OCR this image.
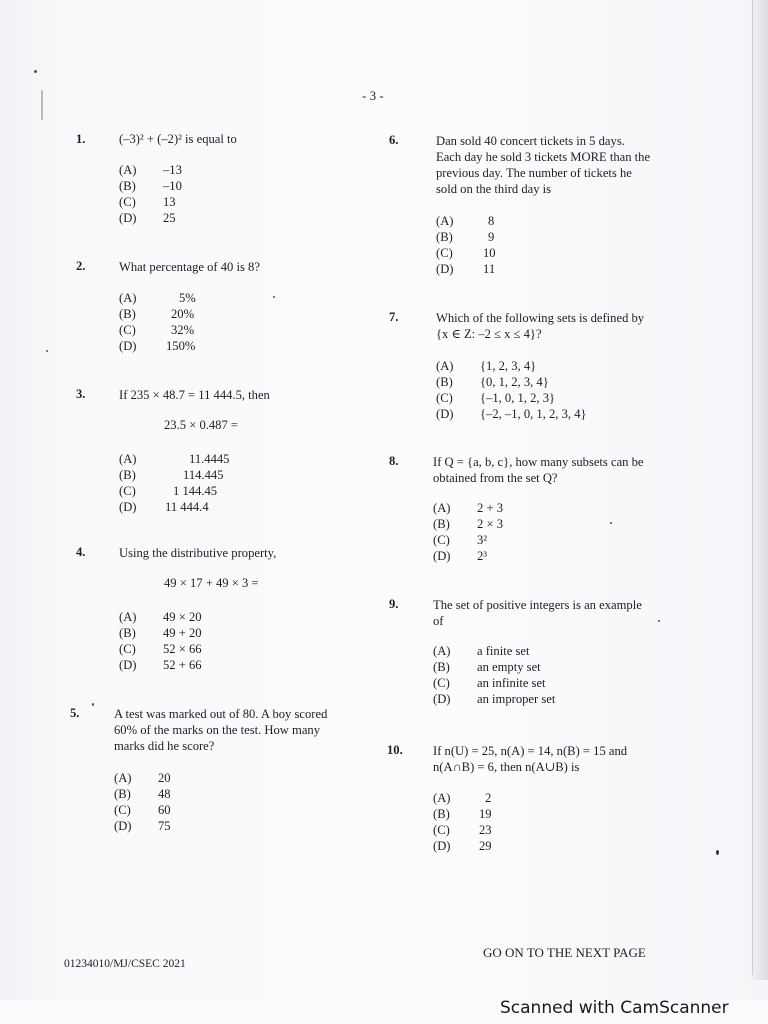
- 3 -
1.	(–3)² + (–2)² is equal to

(A)	–13
(B)	–10
(C)	13
(D)	25
2.	What percentage of 40 is 8?

(A)	5%
(B)	20%
(C)	32%
(D)	150%
3.	If 235 × 48.7 = 11 444.5, then

23.5 × 0.487 =
(A)	11.4445
(B)	114.445
(C)	1 144.45
(D)	11 444.4
4.	Using the distributive property,

49 × 17 + 49 × 3 =
(A)	49 × 20
(B)	49 + 20
(C)	52 × 66
(D)	52 + 66
5.	A test was marked out of 80. A boy scored

60% of the marks on the test. How many

marks did he score?

(A)	20
(B)	48
(C)	60
(D)	75
6.	Dan sold 40 concert tickets in 5 days.

Each day he sold 3 tickets MORE than the

previous day. The number of tickets he

sold on the third day is

(A)	8
(B)	9
(C)	10
(D)	11
7.	Which of the following sets is defined by

{x ∈ Z: –2 ≤ x ≤ 4}?

(A)	{1, 2, 3, 4}
(B)	{0, 1, 2, 3, 4}
(C)	{–1, 0, 1, 2, 3}
(D)	{–2, –1, 0, 1, 2, 3, 4}
8.	If Q = {a, b, c}, how many subsets can be

obtained from the set Q?

(A)	2 + 3
(B)	2 × 3
(C)	3²
(D)	2³
9.	The set of positive integers is an example

of

(A)	a finite set
(B)	an empty set
(C)	an infinite set
(D)	an improper set
10. If n(U) = 25, n(A) = 14, n(B) = 15 and

n(A∩B) = 6, then n(A∪B) is

(A)	2
(B)	19
(C)	23
(D)	29
01234010/MJ/CSEC 2021
GO ON TO THE NEXT PAGE
Scanned with CamScanner
